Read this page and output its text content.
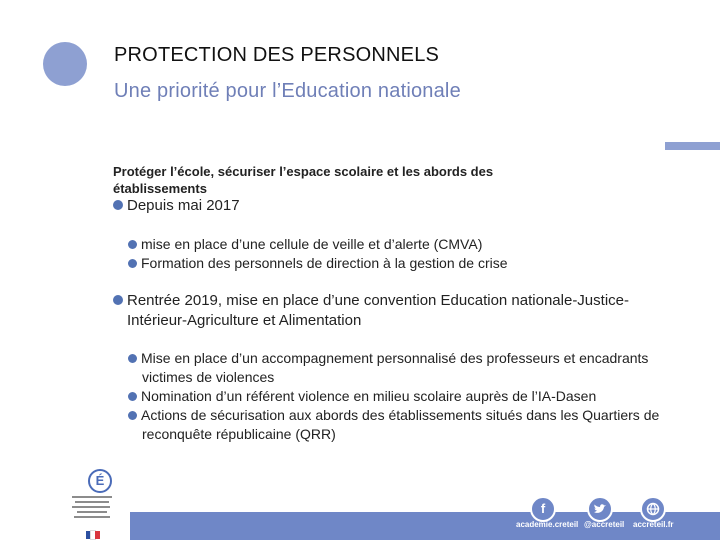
PROTECTION DES PERSONNELS
Une priorité pour l’Education nationale

Protéger l’école, sécuriser l’espace scolaire et les abords des établissements

Depuis mai 2017
mise en place d’une cellule de veille et d’alerte (CMVA)
Formation des personnels de direction à la gestion de crise
Rentrée 2019, mise en place d’une convention Education nationale-Justice-Intérieur-Agriculture et Alimentation
Mise en place d’un accompagnement personnalisé des professeurs et encadrants victimes de violences
Nomination d’un référent violence en milieu scolaire auprès de l’IA-Dasen
Actions de sécurisation aux abords des établissements situés dans les Quartiers de reconquête républicaine (QRR)
f
academie.creteil @accreteil accreteil.fr
É
